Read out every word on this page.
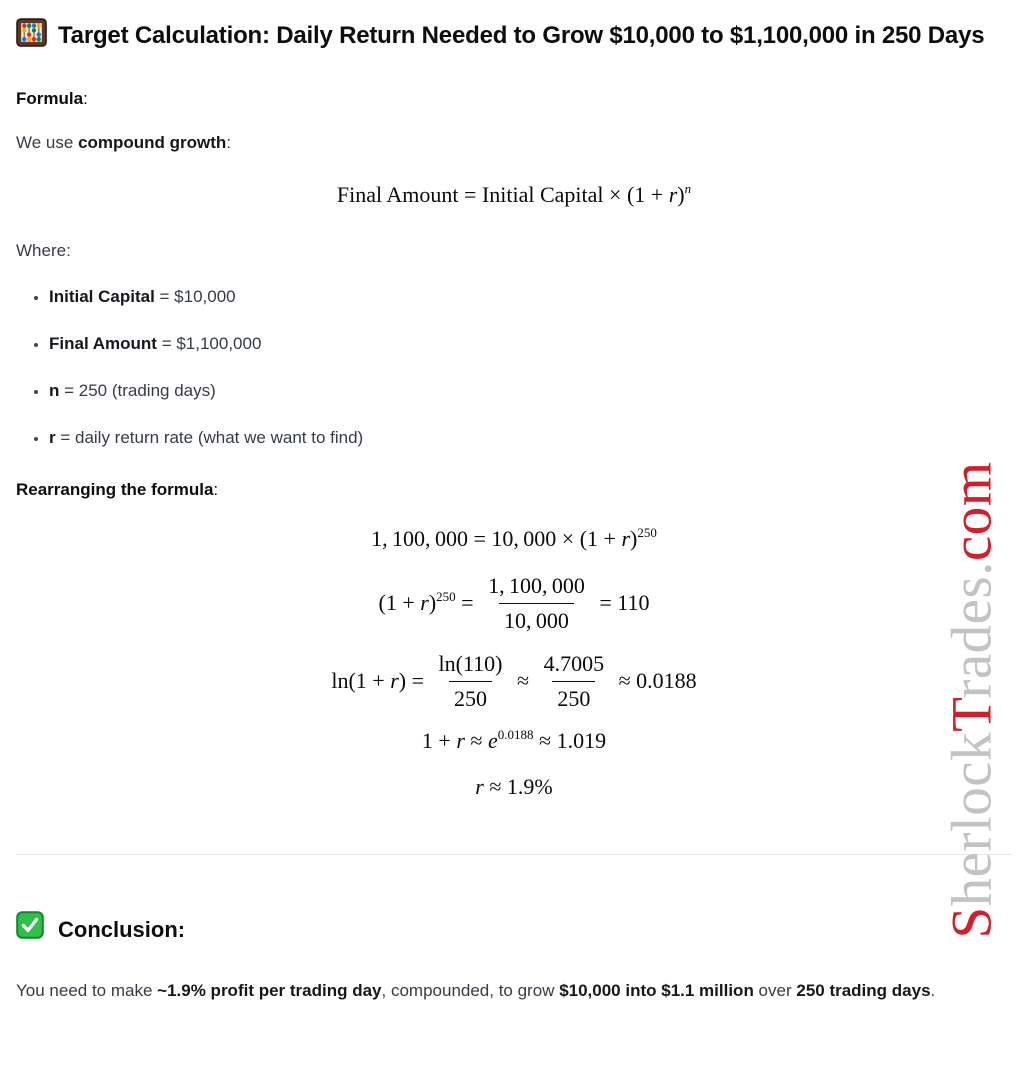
Target Calculation: Daily Return Needed to Grow $10,000 to $1,100,000 in 250 Days

Formula:

We use compound growth:

Final Amount = Initial Capital × $(1 + r)^n$

Where:

• Initial Capital = $10,000
• Final Amount = $1,100,000
• n = 250 (trading days)
• r = daily return rate (what we want to find)

Rearranging the formula:

1, 100, 000 = 10, $000 \times (1 + r)^{250}$
$(1 + r)^{250} = \frac{1, 100, 000}{10, 000} = 110$
$\ln(1 + r) = \frac{\ln(110)}{250} \approx \frac{4.7005}{250} \approx 0.0188$
$1 + r \approx e^{0.0188} \approx 1.019$
r ≈ 1.9%
Conclusion:

You need to make ~1.9% profit per trading day, compounded, to grow $10,000 into $1.1 million over 250 trading days.

SherlockTrades.com
